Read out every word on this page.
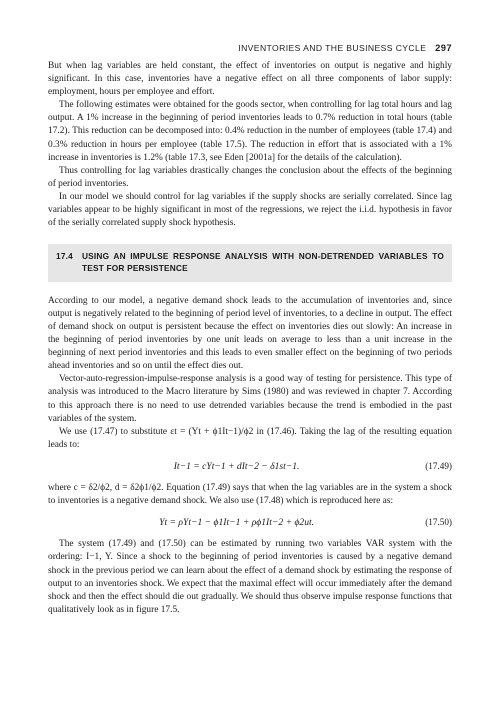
INVENTORIES AND THE BUSINESS CYCLE 297

But when lag variables are held constant, the effect of inventories on output is negative and highly significant. In this case, inventories have a negative effect on all three components of labor supply: employment, hours per employee and effort.

The following estimates were obtained for the goods sector, when controlling for lag total hours and lag output. A 1% increase in the beginning of period inventories leads to 0.7% reduction in total hours (table 17.2). This reduction can be decomposed into: 0.4% reduction in the number of employees (table 17.4) and 0.3% reduction in hours per employee (table 17.5). The reduction in effort that is associated with a 1% increase in inventories is 1.2% (table 17.3, see Eden [2001a] for the details of the calculation).

Thus controlling for lag variables drastically changes the conclusion about the effects of the beginning of period inventories.

In our model we should control for lag variables if the supply shocks are serially correlated. Since lag variables appear to be highly significant in most of the regressions, we reject the i.i.d. hypothesis in favor of the serially correlated supply shock hypothesis.

17.4 USING AN IMPULSE RESPONSE ANALYSIS WITH NON-DETRENDED VARIABLES TO TEST FOR PERSISTENCE

According to our model, a negative demand shock leads to the accumulation of inventories and, since output is negatively related to the beginning of period level of inventories, to a decline in output. The effect of demand shock on output is persistent because the effect on inventories dies out slowly: An increase in the beginning of period inventories by one unit leads on average to less than a unit increase in the beginning of next period inventories and this leads to even smaller effect on the beginning of two periods ahead inventories and so on until the effect dies out.

Vector-auto-regression-impulse-response analysis is a good way of testing for persistence. This type of analysis was introduced to the Macro literature by Sims (1980) and was reviewed in chapter 7. According to this approach there is no need to use detrended variables because the trend is embodied in the past variables of the system.

We use (17.47) to substitute εt = (Yt + ϕ1It−1)/ϕ2 in (17.46). Taking the lag of the resulting equation leads to:

It−1 = cYt−1 + dIt−2 − δ1st−1.	(17.49)

where c = δ2/ϕ2, d = δ2ϕ1/ϕ2. Equation (17.49) says that when the lag variables are in the system a shock to inventories is a negative demand shock. We also use (17.48) which is reproduced here as:

Yt = ρYt−1 − ϕ1It−1 + ρϕ1It−2 + ϕ2ut.	(17.50)

The system (17.49) and (17.50) can be estimated by running two variables VAR system with the ordering: I−1, Y. Since a shock to the beginning of period inventories is caused by a negative demand shock in the previous period we can learn about the effect of a demand shock by estimating the response of output to an inventories shock. We expect that the maximal effect will occur immediately after the demand shock and then the effect should die out gradually. We should thus observe impulse response functions that qualitatively look as in figure 17.5.
